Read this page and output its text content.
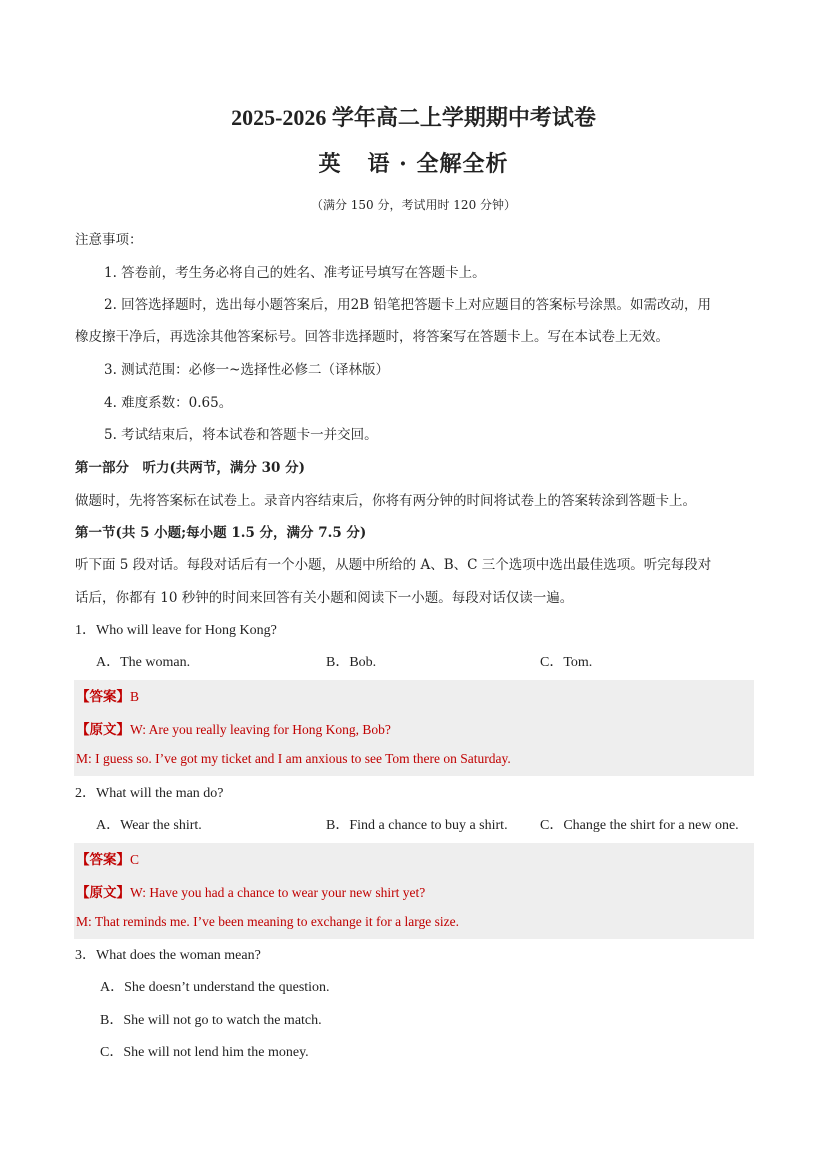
2025-2026 学年高二上学期期中考试卷
英 语 · 全解全析
（满分 150 分，考试用时 120 分钟）
注意事项：
1. 答卷前，考生务必将自己的姓名、准考证号填写在答题卡上。
2. 回答选择题时，选出每小题答案后，用2B 铅笔把答题卡上对应题目的答案标号涂黑。如需改动，用
橡皮擦干净后，再选涂其他答案标号。回答非选择题时，将答案写在答题卡上。写在本试卷上无效。
3. 测试范围：必修一~选择性必修二（译林版）
4. 难度系数：0.65。
5. 考试结束后，将本试卷和答题卡一并交回。
第一部分　听力(共两节，满分 30 分)
做题时，先将答案标在试卷上。录音内容结束后，你将有两分钟的时间将试卷上的答案转涂到答题卡上。
第一节(共 5 小题;每小题 1.5 分，满分 7.5 分)
听下面 5 段对话。每段对话后有一个小题，从题中所给的 A、B、C 三个选项中选出最佳选项。听完每段对
话后，你都有 10 秒钟的时间来回答有关小题和阅读下一小题。每段对话仅读一遍。
1．Who will leave for Hong Kong?
A．The woman.	B．Bob.	C．Tom.
【答案】B
【原文】W: Are you really leaving for Hong Kong, Bob?
M: I guess so. I’ve got my ticket and I am anxious to see Tom there on Saturday.
2．What will the man do?
A．Wear the shirt.	B．Find a chance to buy a shirt. C．Change the shirt for a new one.
【答案】C
【原文】W: Have you had a chance to wear your new shirt yet?
M: That reminds me. I’ve been meaning to exchange it for a large size.
3．What does the woman mean?
A．She doesn’t understand the question.
B．She will not go to watch the match.
C．She will not lend him the money.
